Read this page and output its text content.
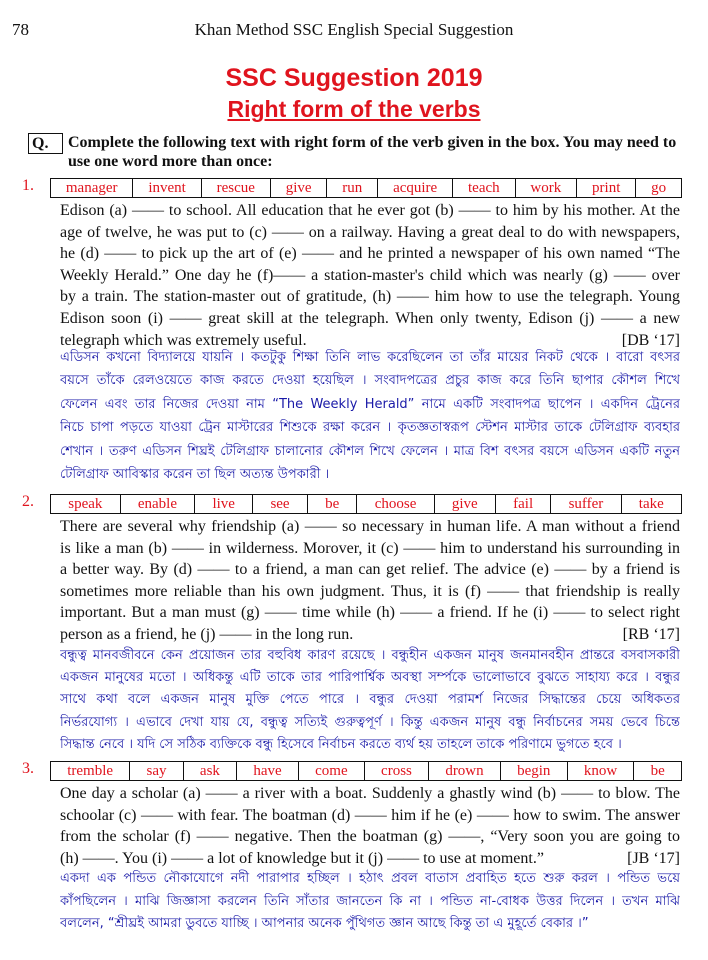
78	Khan Method SSC English Special Suggestion
SSC Suggestion 2019
Right form of the verbs
Q.	Complete the following text with right form of the verb given in the box. You may need to use one word more than once:
1.	manager	invent	rescue	give	run	acquire	teach	work	print	go
Edison (a) —— to school. All education that he ever got (b) —— to him by his mother. At the
age of twelve, he was put to (c) —— on a railway. Having a great deal to do with newspapers,
he (d) —— to pick up the art of (e) —— and he printed a newspaper of his own named “The
Weekly Herald.” One day he (f)—— a station-master's child which was nearly (g) —— over
by a train. The station-master out of gratitude, (h) —— him how to use the telegraph. Young
Edison soon (i) —— great skill at the telegraph. When only twenty, Edison (j) —— a new
telegraph which was extremely useful.	[DB ‘17]
এডিসন কখনো বিদ্যালয়ে যায়নি । কতটুকু শিক্ষা তিনি লাভ করেছিলেন তা তাঁর মায়ের নিকট থেকে । বারো বৎসর
বয়সে তাঁকে রেলওয়েতে কাজ করতে দেওয়া হয়েছিল । সংবাদপত্রের প্রচুর কাজ করে তিনি ছাপার কৌশল শিখে
ফেলেন এবং তার নিজের দেওয়া নাম “The Weekly Herald” নামে একটি সংবাদপত্র ছাপেন । একদিন ট্রেনের
নিচে চাপা পড়তে যাওয়া ট্রেন মাস্টারের শিশুকে রক্ষা করেন । কৃতজ্ঞতাস্বরূপ স্টেশন মাস্টার তাকে টেলিগ্রাফ ব্যবহার
শেখান । তরুণ এডিসন শিঘ্রই টেলিগ্রাফ চালানোর কৌশল শিখে ফেলেন । মাত্র বিশ বৎসর বয়সে এডিসন একটি নতুন
টেলিগ্রাফ আবিস্কার করেন তা ছিল অত্যন্ত উপকারী ।
2.	speak	enable	live	see	be	choose	give	fail	suffer	take
There are several why friendship (a) —— so necessary in human life. A man without a friend
is like a man (b) —— in wilderness. Morover, it (c) —— him to understand his surrounding in
a better way. By (d) —— to a friend, a man can get relief. The advice (e) —— by a friend is
sometimes more reliable than his own judgment. Thus, it is (f) —— that friendship is really
important. But a man must (g) —— time while (h) —— a friend. If he (i) —— to select right
person as a friend, he (j) —— in the long run.	[RB ‘17]
বন্ধুত্ব মানবজীবনে কেন প্রয়োজন তার বহুবিধ কারণ রয়েছে । বন্ধুহীন একজন মানুষ জনমানবহীন প্রান্তরে বসবাসকারী
একজন মানুষের মতো । অধিকন্তু এটি তাকে তার পারিপার্শ্বিক অবস্থা সর্ম্পকে ভালোভাবে বুঝতে সাহায্য করে । বন্ধুর
সাথে কথা বলে একজন মানুষ মুক্তি পেতে পারে । বন্ধুর দেওয়া পরামর্শ নিজের সিদ্ধান্তের চেয়ে অধিকতর
নির্ভরযোগ্য । এভাবে দেখা যায় যে, বন্ধুত্ব সত্যিই গুরুত্বপূর্ণ । কিন্তু একজন মানুষ বন্ধু নির্বাচনের সময় ভেবে চিন্তে
সিদ্ধান্ত নেবে । যদি সে সঠিক ব্যক্তিকে বন্ধু হিসেবে নির্বাচন করতে ব্যর্থ হয় তাহলে তাকে পরিণামে ভুগতে হবে ।
3.	tremble	say	ask	have	come	cross	drown	begin	know	be
One day a scholar (a) —— a river with a boat. Suddenly a ghastly wind (b) —— to blow. The
schoolar (c) —— with fear. The boatman (d) —— him if he (e) —— how to swim. The answer
from the scholar (f) —— negative. Then the boatman (g) ——, “Very soon you are going to
(h) ——. You (i) —— a lot of knowledge but it (j) —— to use at moment.”	[JB ‘17]
একদা এক পন্ডিত নৌকাযোগে নদী পারাপার হচ্ছিল । হঠাৎ প্রবল বাতাস প্রবাহিত হতে শুরু করল । পন্ডিত ভয়ে
কাঁপছিলেন । মাঝি জিজ্ঞাসা করলেন তিনি সাঁতার জানতেন কি না । পন্ডিত না-বোধক উত্তর দিলেন । তখন মাঝি
বললেন, “শ্রীঘ্রই আমরা ডুবতে যাচ্ছি । আপনার অনেক পুঁথিগত জ্ঞান আছে কিন্তু তা এ মুহূর্তে বেকার ।”
